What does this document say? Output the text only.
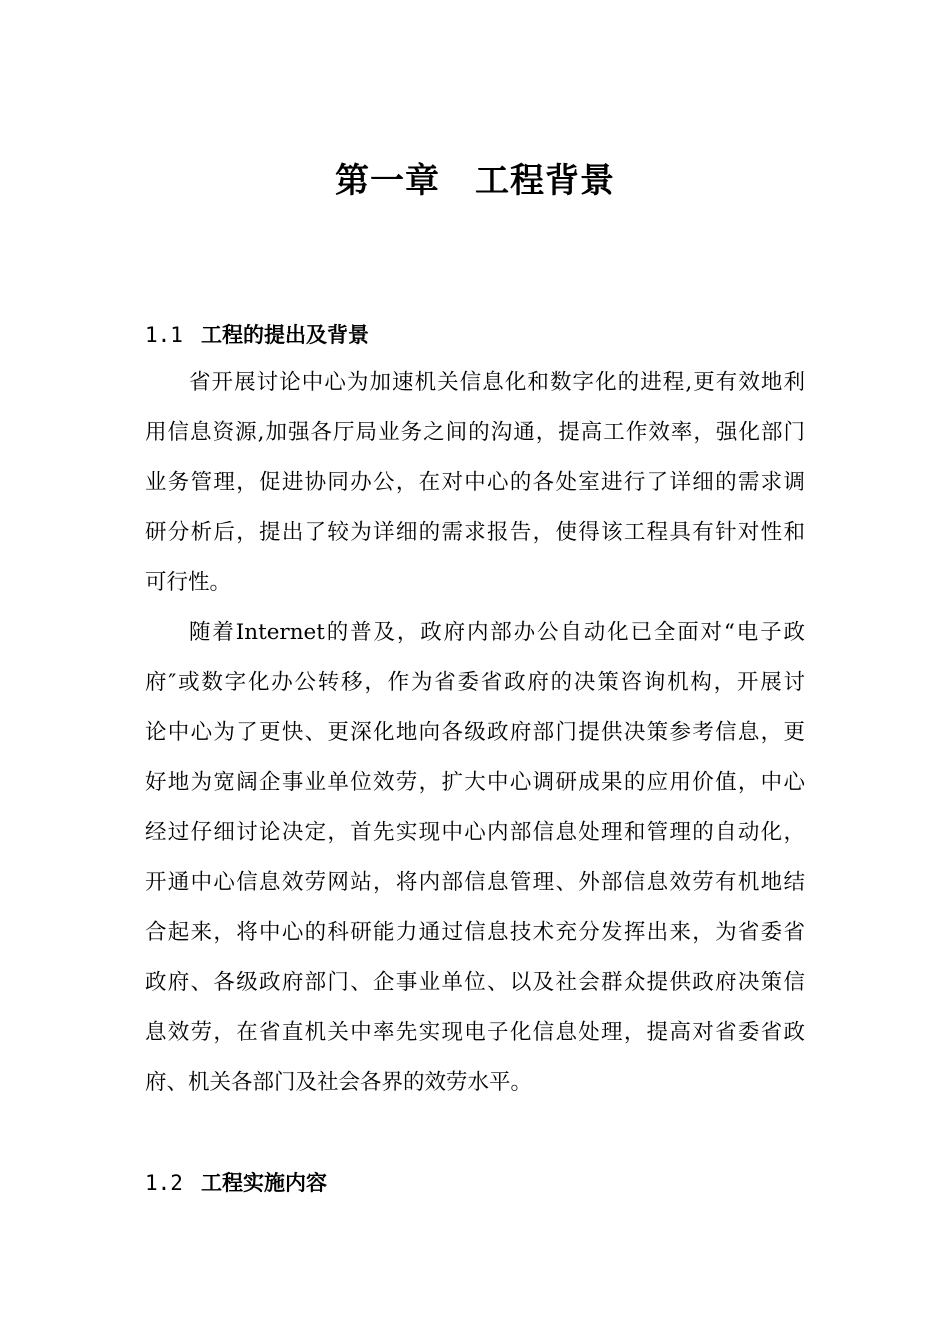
第一章　工程背景
1.1 工程的提出及背景
省开展讨论中心为加速机关信息化和数字化的进程,更有效地利
用信息资源,加强各厅局业务之间的沟通，提高工作效率，强化部门
业务管理，促进协同办公，在对中心的各处室进行了详细的需求调
研分析后，提出了较为详细的需求报告，使得该工程具有针对性和
可行性。
随着Internet的普及，政府内部办公自动化已全面对“电子政
府″或数字化办公转移，作为省委省政府的决策咨询机构，开展讨
论中心为了更快、更深化地向各级政府部门提供决策参考信息，更
好地为宽阔企事业单位效劳，扩大中心调研成果的应用价值，中心
经过仔细讨论决定，首先实现中心内部信息处理和管理的自动化，
开通中心信息效劳网站，将内部信息管理、外部信息效劳有机地结
合起来，将中心的科研能力通过信息技术充分发挥出来，为省委省
政府、各级政府部门、企事业单位、以及社会群众提供政府决策信
息效劳，在省直机关中率先实现电子化信息处理，提高对省委省政
府、机关各部门及社会各界的效劳水平。
1.2 工程实施内容
